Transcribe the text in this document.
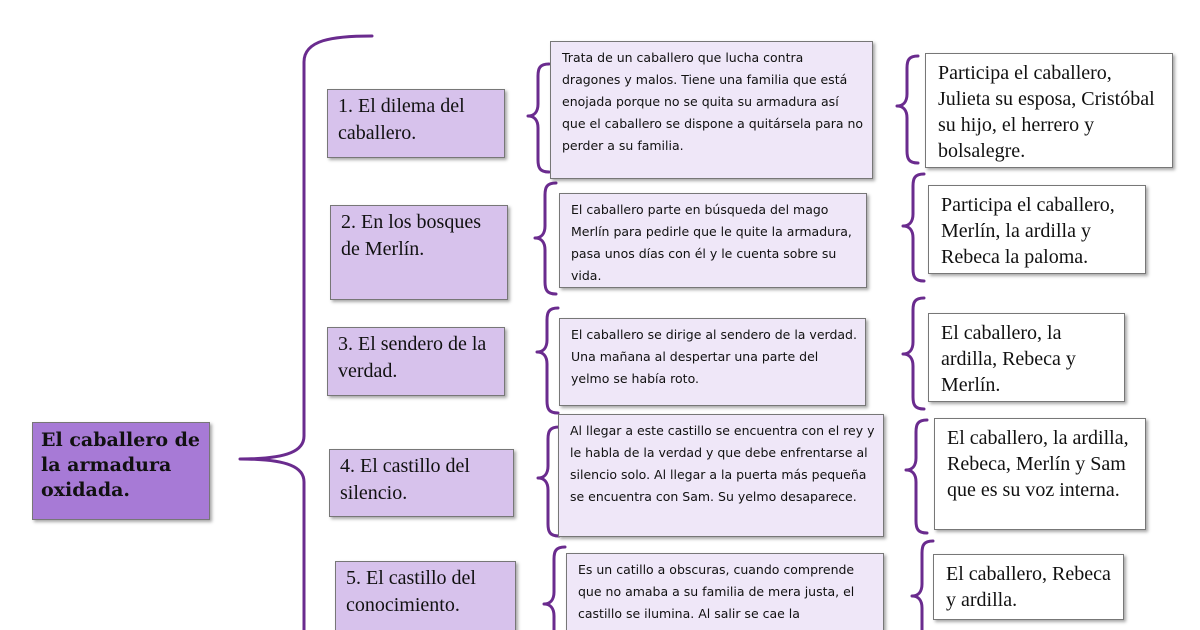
El caballero de la armadura oxidada.
1. El dilema del caballero.
2. En los bosques de Merlín.
3. El sendero de la verdad.
4. El castillo del silencio.
5. El castillo del conocimiento.
Trata de un caballero que lucha contra dragones y malos. Tiene una familia que está enojada porque no se quita su armadura así que el caballero se dispone a quitársela para no perder a su familia.
El caballero parte en búsqueda del mago Merlín para pedirle que le quite la armadura, pasa unos días con él y le cuenta sobre su vida.
El caballero se dirige al sendero de la verdad. Una mañana al despertar una parte del yelmo se había roto.
Al llegar a este castillo se encuentra con el rey y le habla de la verdad y que debe enfrentarse al silencio solo. Al llegar a la puerta más pequeña se encuentra con Sam. Su yelmo desaparece.
Es un catillo a obscuras, cuando comprende que no amaba a su familia de mera justa, el castillo se ilumina. Al salir se cae la
Participa el caballero, Julieta su esposa, Cristóbal su hijo, el herrero y bolsalegre.
Participa el caballero, Merlín, la ardilla y Rebeca la paloma.
El caballero, la ardilla, Rebeca y Merlín.
El caballero, la ardilla, Rebeca, Merlín y Sam que es su voz interna.
El caballero, Rebeca y ardilla.
